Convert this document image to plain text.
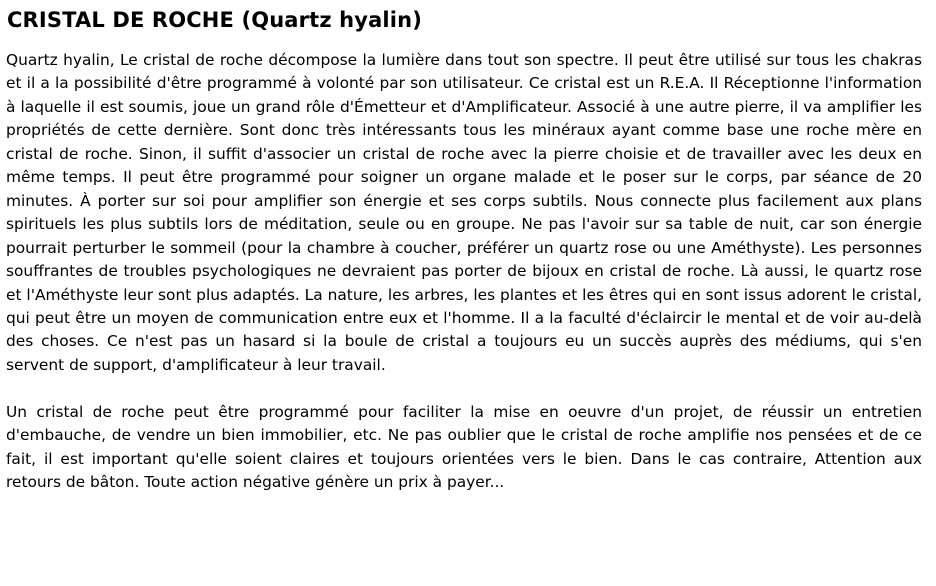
CRISTAL DE ROCHE (Quartz hyalin)

Quartz hyalin, Le cristal de roche décompose la lumière dans tout son spectre. Il peut être utilisé sur tous les chakras et il a la possibilité d'être programmé à volonté par son utilisateur. Ce cristal est un R.E.A. Il Réceptionne l'information à laquelle il est soumis, joue un grand rôle d'Émetteur et d'Amplificateur. Associé à une autre pierre, il va amplifier les propriétés de cette dernière. Sont donc très intéressants tous les minéraux ayant comme base une roche mère en cristal de roche. Sinon, il suffit d'associer un cristal de roche avec la pierre choisie et de travailler avec les deux en même temps. Il peut être programmé pour soigner un organe malade et le poser sur le corps, par séance de 20 minutes. À porter sur soi pour amplifier son énergie et ses corps subtils. Nous connecte plus facilement aux plans spirituels les plus subtils lors de méditation, seule ou en groupe. Ne pas l'avoir sur sa table de nuit, car son énergie pourrait perturber le sommeil (pour la chambre à coucher, préférer un quartz rose ou une Améthyste). Les personnes souffrantes de troubles psychologiques ne devraient pas porter de bijoux en cristal de roche. Là aussi, le quartz rose et l'Améthyste leur sont plus adaptés. La nature, les arbres, les plantes et les êtres qui en sont issus adorent le cristal, qui peut être un moyen de communication entre eux et l'homme. Il a la faculté d'éclaircir le mental et de voir au-delà des choses. Ce n'est pas un hasard si la boule de cristal a toujours eu un succès auprès des médiums, qui s'en servent de support, d'amplificateur à leur travail.

Un cristal de roche peut être programmé pour faciliter la mise en oeuvre d'un projet, de réussir un entretien d'embauche, de vendre un bien immobilier, etc. Ne pas oublier que le cristal de roche amplifie nos pensées et de ce fait, il est important qu'elle soient claires et toujours orientées vers le bien. Dans le cas contraire, Attention aux retours de bâton. Toute action négative génère un prix à payer...
